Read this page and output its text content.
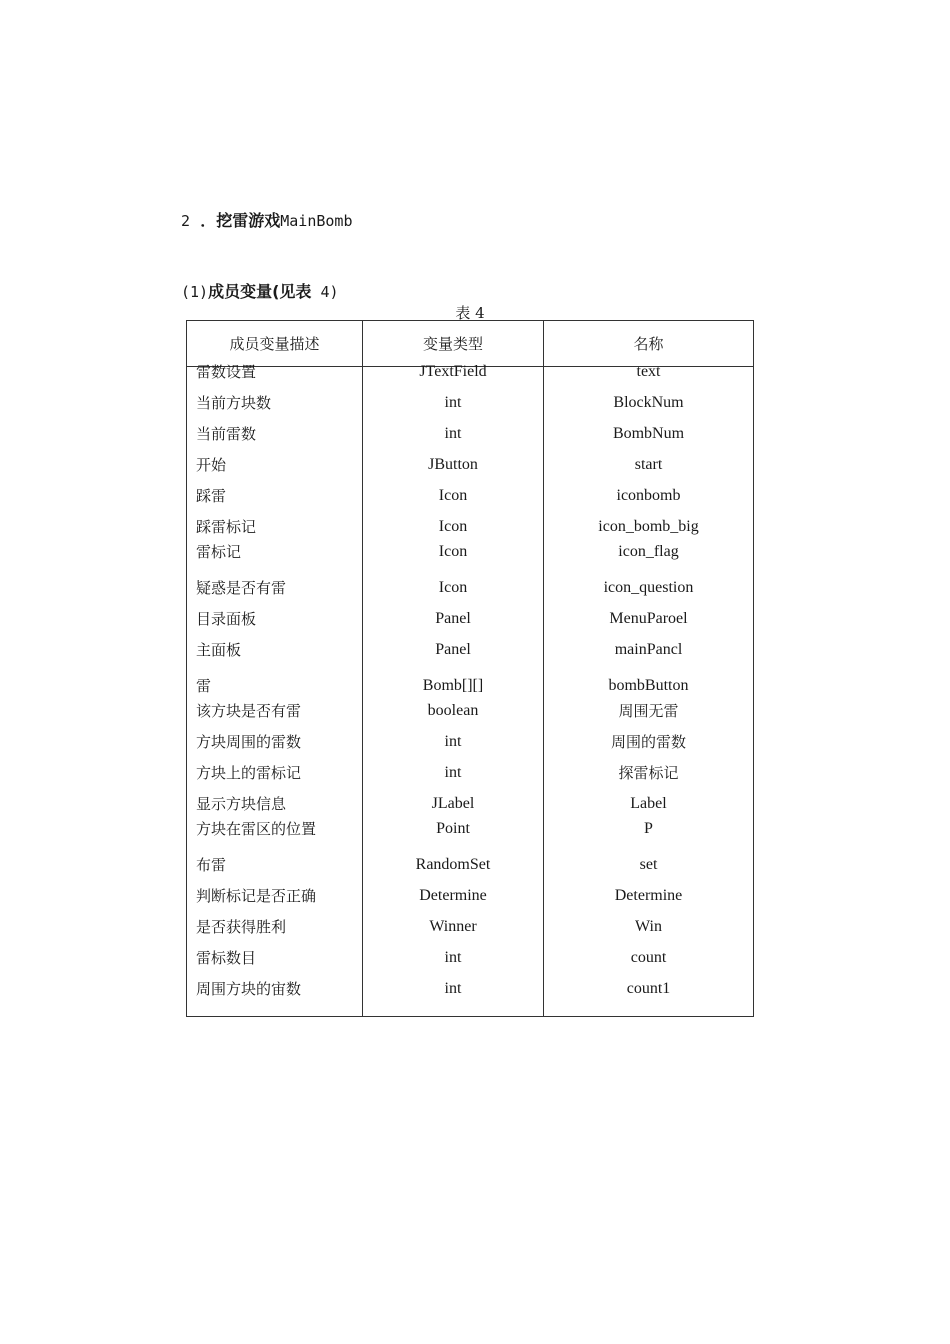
2 ．挖雷游戏MainBomb
(1)成员变量(见表 4)
表 4
成员变量描述	变量类型	名称
雷数设置	JTextField	text
当前方块数	int	BlockNum
当前雷数	int	BombNum
开始	JButton	start
踩雷	Icon	iconbomb
踩雷标记	Icon	icon_bomb_big
雷标记	Icon	icon_flag
疑惑是否有雷	Icon	icon_question
目录面板	Panel	MenuParoel
主面板	Panel	mainPancl
雷	Bomb[][]	bombButton
该方块是否有雷	boolean	周围无雷
方块周围的雷数	int	周围的雷数
方块上的雷标记	int	探雷标记
显示方块信息	JLabel	Label
方块在雷区的位置	Point	P
布雷	RandomSet	set
判断标记是否正确	Determine	Determine
是否获得胜利	Winner	Win
雷标数目	int	count
周围方块的宙数	int	count1
